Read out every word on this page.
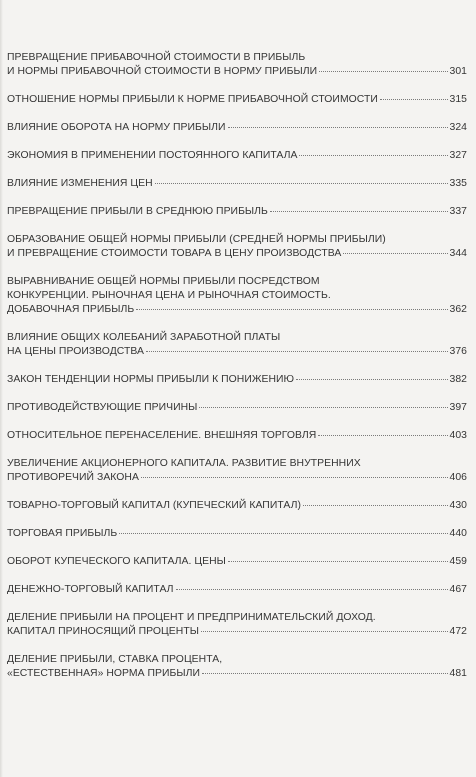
ПРЕВРАЩЕНИЕ ПРИБАВОЧНОЙ СТОИМОСТИ В ПРИБЫЛЬ
И НОРМЫ ПРИБАВОЧНОЙ СТОИМОСТИ В НОРМУ ПРИБЫЛИ	301
ОТНОШЕНИЕ НОРМЫ ПРИБЫЛИ К НОРМЕ ПРИБАВОЧНОЙ СТОИМОСТИ	315
ВЛИЯНИЕ ОБОРОТА НА НОРМУ ПРИБЫЛИ	324
ЭКОНОМИЯ В ПРИМЕНЕНИИ ПОСТОЯННОГО КАПИТАЛА	327
ВЛИЯНИЕ ИЗМЕНЕНИЯ ЦЕН	335
ПРЕВРАЩЕНИЕ ПРИБЫЛИ В СРЕДНЮЮ ПРИБЫЛЬ	337
ОБРАЗОВАНИЕ ОБЩЕЙ НОРМЫ ПРИБЫЛИ (СРЕДНЕЙ НОРМЫ ПРИБЫЛИ)
И ПРЕВРАЩЕНИЕ СТОИМОСТИ ТОВАРА В ЦЕНУ ПРОИЗВОДСТВА	344
ВЫРАВНИВАНИЕ ОБЩЕЙ НОРМЫ ПРИБЫЛИ ПОСРЕДСТВОМ
КОНКУРЕНЦИИ. РЫНОЧНАЯ ЦЕНА И РЫНОЧНАЯ СТОИМОСТЬ.
ДОБАВОЧНАЯ ПРИБЫЛЬ	362
ВЛИЯНИЕ ОБЩИХ КОЛЕБАНИЙ ЗАРАБОТНОЙ ПЛАТЫ
НА ЦЕНЫ ПРОИЗВОДСТВА	376
ЗАКОН ТЕНДЕНЦИИ НОРМЫ ПРИБЫЛИ К ПОНИЖЕНИЮ	382
ПРОТИВОДЕЙСТВУЮЩИЕ ПРИЧИНЫ	397
ОТНОСИТЕЛЬНОЕ ПЕРЕНАСЕЛЕНИЕ. ВНЕШНЯЯ ТОРГОВЛЯ	403
УВЕЛИЧЕНИЕ АКЦИОНЕРНОГО КАПИТАЛА. РАЗВИТИЕ ВНУТРЕННИХ
ПРОТИВОРЕЧИЙ ЗАКОНА	406
ТОВАРНО-ТОРГОВЫЙ КАПИТАЛ (КУПЕЧЕСКИЙ КАПИТАЛ)	430
ТОРГОВАЯ ПРИБЫЛЬ	440
ОБОРОТ КУПЕЧЕСКОГО КАПИТАЛА. ЦЕНЫ	459
ДЕНЕЖНО-ТОРГОВЫЙ КАПИТАЛ	467
ДЕЛЕНИЕ ПРИБЫЛИ НА ПРОЦЕНТ И ПРЕДПРИНИМАТЕЛЬСКИЙ ДОХОД.
КАПИТАЛ ПРИНОСЯЩИЙ ПРОЦЕНТЫ	472
ДЕЛЕНИЕ ПРИБЫЛИ, СТАВКА ПРОЦЕНТА,
«ЕСТЕСТВЕННАЯ» НОРМА ПРИБЫЛИ	481
